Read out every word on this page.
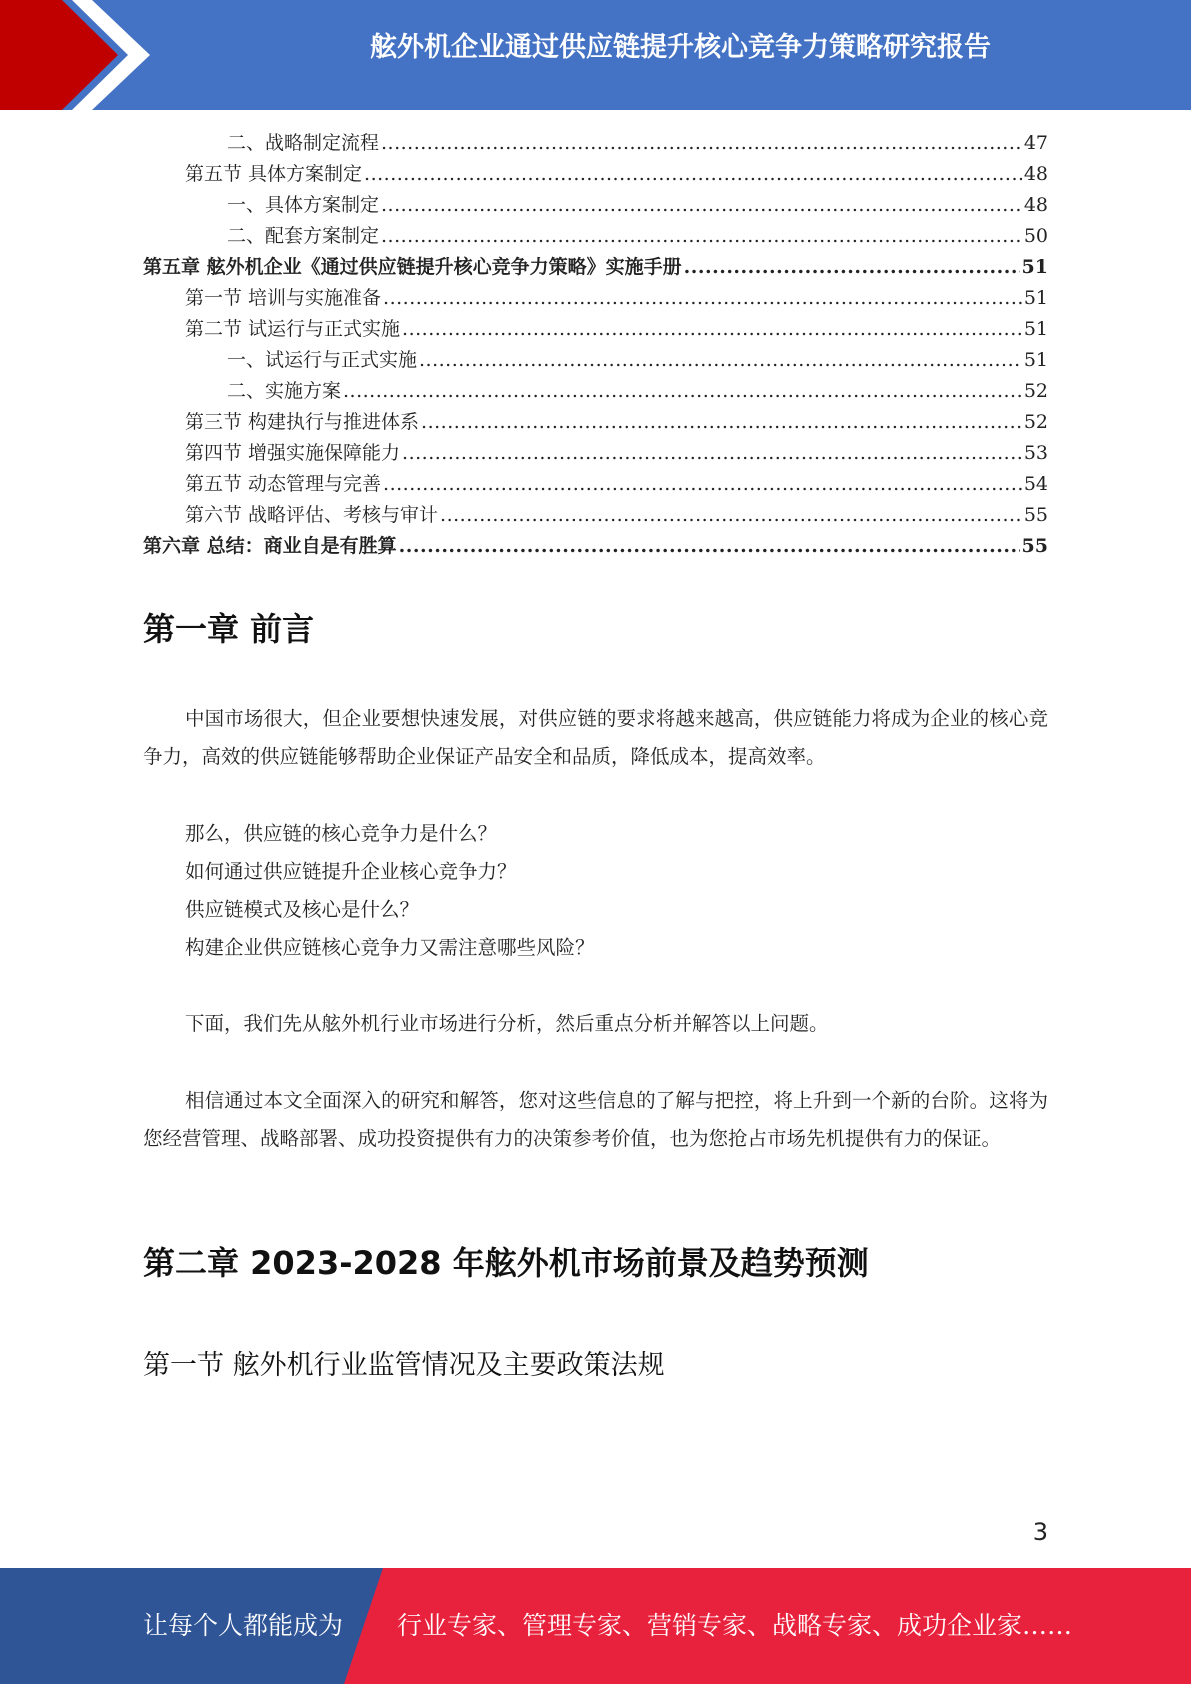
舷外机企业通过供应链提升核心竞争力策略研究报告
二、战略制定流程 .....	47
第五节 具体方案制定 .....	48
一、具体方案制定 .....	48
二、配套方案制定 .....	50
第五章 舷外机企业《通过供应链提升核心竞争力策略》实施手册 .....	51
第一节 培训与实施准备 .....	51
第二节 试运行与正式实施 .....	51
一、试运行与正式实施 .....	51
二、实施方案 .....	52
第三节 构建执行与推进体系 .....	52
第四节 增强实施保障能力 .....	53
第五节 动态管理与完善 .....	54
第六节 战略评估、考核与审计 .....	55
第六章 总结：商业自是有胜算 .....	55
第一章 前言
中国市场很大，但企业要想快速发展，对供应链的要求将越来越高，供应链能力将成为企业的核心竞争力，高效的供应链能够帮助企业保证产品安全和品质，降低成本，提高效率。
那么，供应链的核心竞争力是什么？
如何通过供应链提升企业核心竞争力？
供应链模式及核心是什么？
构建企业供应链核心竞争力又需注意哪些风险？
下面，我们先从舷外机行业市场进行分析，然后重点分析并解答以上问题。
相信通过本文全面深入的研究和解答，您对这些信息的了解与把控，将上升到一个新的台阶。这将为您经营管理、战略部署、成功投资提供有力的决策参考价值，也为您抢占市场先机提供有力的保证。
第二章 2023-2028 年舷外机市场前景及趋势预测
第一节 舷外机行业监管情况及主要政策法规
3
让每个人都能成为 行业专家、管理专家、营销专家、战略专家、成功企业家……
